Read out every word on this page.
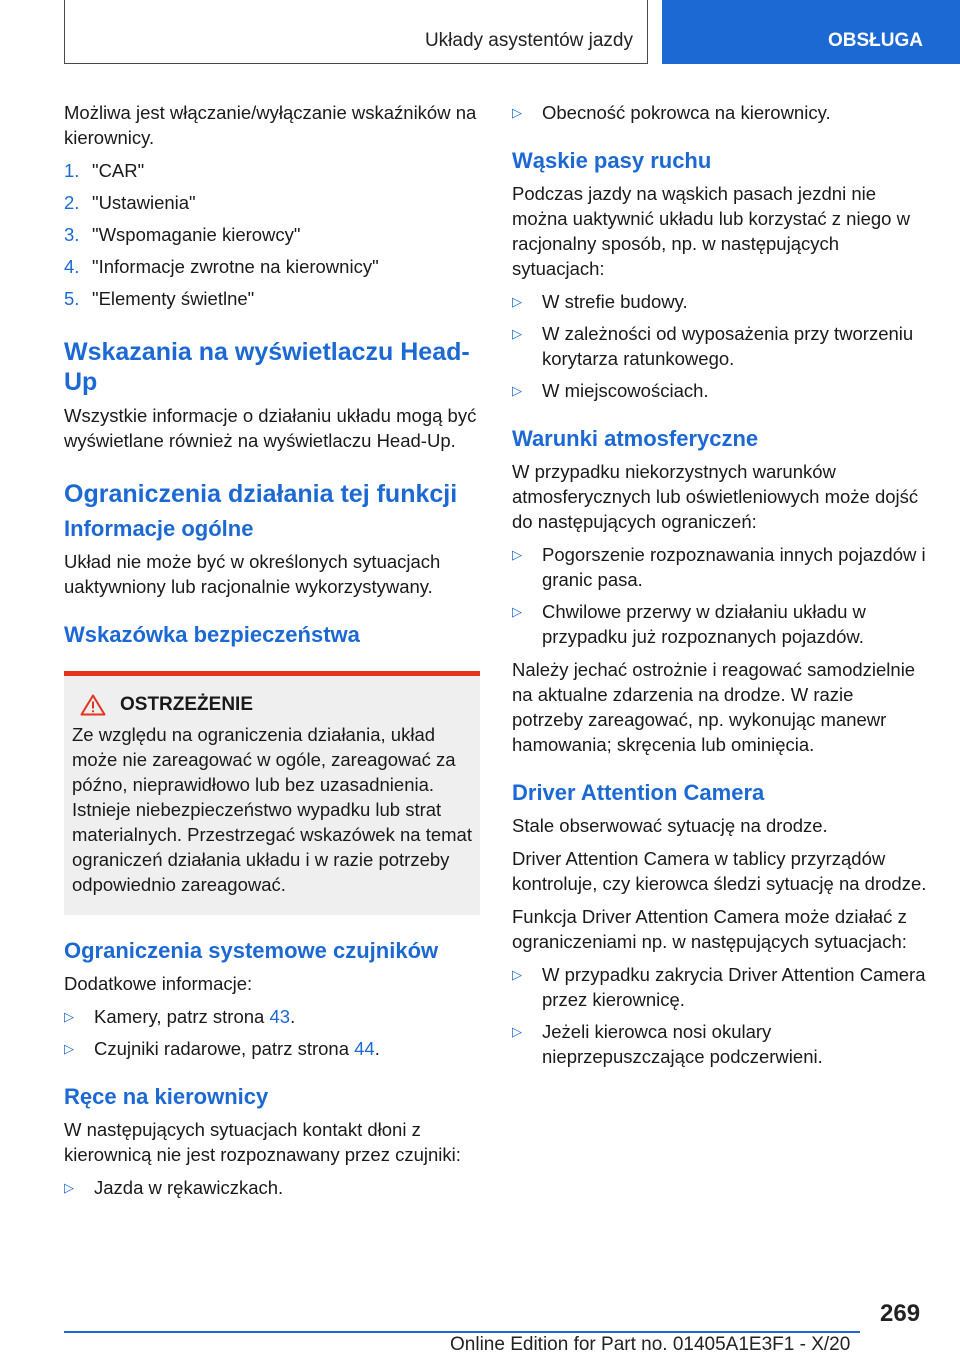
Układy asystentów jazdy	OBSŁUGA

Możliwa jest włączanie/wyłączanie wskaźników na kierownicy.

1. "CAR"
2. "Ustawienia"
3. "Wspomaganie kierowcy"
4. "Informacje zwrotne na kierownicy"
5. "Elementy świetlne"
Wskazania na wyświetlaczu Head-Up

Wszystkie informacje o działaniu układu mogą być wyświetlane również na wyświetlaczu Head-Up.

Ograniczenia działania tej funkcji
Informacje ogólne

Układ nie może być w określonych sytuacjach uaktywniony lub racjonalnie wykorzystywany.

Wskazówka bezpieczeństwa
OSTRZEŻENIE

Ze względu na ograniczenia działania, układ może nie zareagować w ogóle, zareagować za późno, nieprawidłowo lub bez uzasadnienia. Istnieje niebezpieczeństwo wypadku lub strat materialnych. Przestrzegać wskazówek na temat ograniczeń działania układu i w razie potrzeby odpowiednio zareagować.

Ograniczenia systemowe czujników

Dodatkowe informacje:

▷ Kamery, patrz strona 43.
▷ Czujniki radarowe, patrz strona 44.
Ręce na kierownicy

W następujących sytuacjach kontakt dłoni z kierownicą nie jest rozpoznawany przez czujniki:

▷ Jazda w rękawiczkach.
▷ Obecność pokrowca na kierownicy.
Wąskie pasy ruchu

Podczas jazdy na wąskich pasach jezdni nie można uaktywnić układu lub korzystać z niego w racjonalny sposób, np. w następujących sytuacjach:

▷ W strefie budowy.
▷ W zależności od wyposażenia przy tworzeniu korytarza ratunkowego.
▷ W miejscowościach.
Warunki atmosferyczne

W przypadku niekorzystnych warunków atmosferycznych lub oświetleniowych może dojść do następujących ograniczeń:

▷ Pogorszenie rozpoznawania innych pojazdów i granic pasa.
▷ Chwilowe przerwy w działaniu układu w przypadku już rozpoznanych pojazdów.

Należy jechać ostrożnie i reagować samodzielnie na aktualne zdarzenia na drodze. W razie potrzeby zareagować, np. wykonując manewr hamowania; skręcenia lub ominięcia.

Driver Attention Camera

Stale obserwować sytuację na drodze.

Driver Attention Camera w tablicy przyrządów kontroluje, czy kierowca śledzi sytuację na drodze.

Funkcja Driver Attention Camera może działać z ograniczeniami np. w następujących sytuacjach:

▷ W przypadku zakrycia Driver Attention Camera przez kierownicę.
▷ Jeżeli kierowca nosi okulary nieprzepuszczające podczerwieni.
269
Online Edition for Part no. 01405A1E3F1 - X/20
